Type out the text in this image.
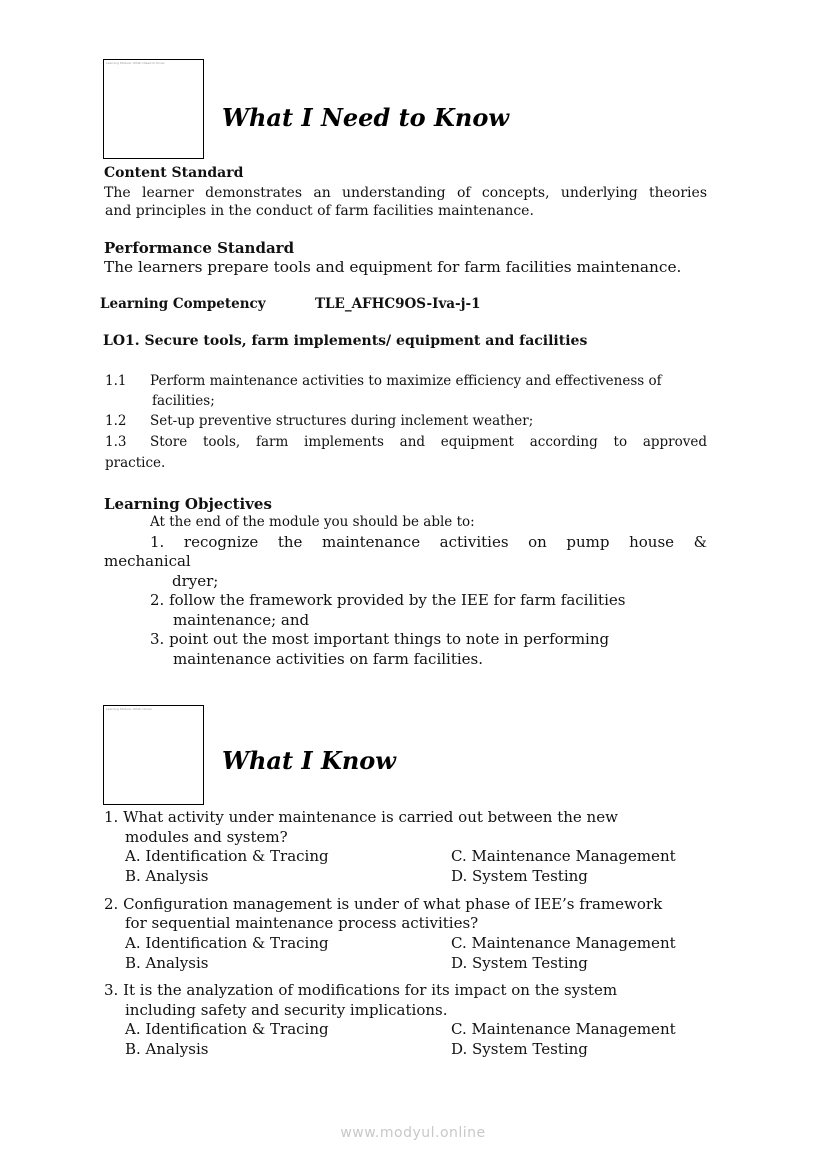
Learning Module: What I Need to Know
What I Need to Know
Content Standard
The learner demonstrates an understanding of concepts, underlying theories
and principles in the conduct of farm facilities maintenance.
Performance Standard
The learners prepare tools and equipment for farm facilities maintenance.
Learning Competency	TLE_AFHC9OS-Iva-j-1
LO1. Secure tools, farm implements/ equipment and facilities
1.1 Perform maintenance activities to maximize efficiency and effectiveness of
facilities;
1.2 Set-up preventive structures during inclement weather;
1.3 Store tools, farm implements and equipment according to approved
practice.
Learning Objectives
At the end of the module you should be able to:
1. recognize the maintenance activities on pump house &
mechanical
dryer;
2. follow the framework provided by the IEE for farm facilities
maintenance; and
3. point out the most important things to note in performing
maintenance activities on farm facilities.
Learning Module: What I Know
What I Know
1. What activity under maintenance is carried out between the new
modules and system?
A. Identification & Tracing	C. Maintenance Management
B. Analysis	D. System Testing
2. Configuration management is under of what phase of IEE’s framework
for sequential maintenance process activities?
A. Identification & Tracing	C. Maintenance Management
B. Analysis	D. System Testing
3. It is the analyzation of modifications for its impact on the system
including safety and security implications.
A. Identification & Tracing	C. Maintenance Management
B. Analysis	D. System Testing
www.modyul.online
